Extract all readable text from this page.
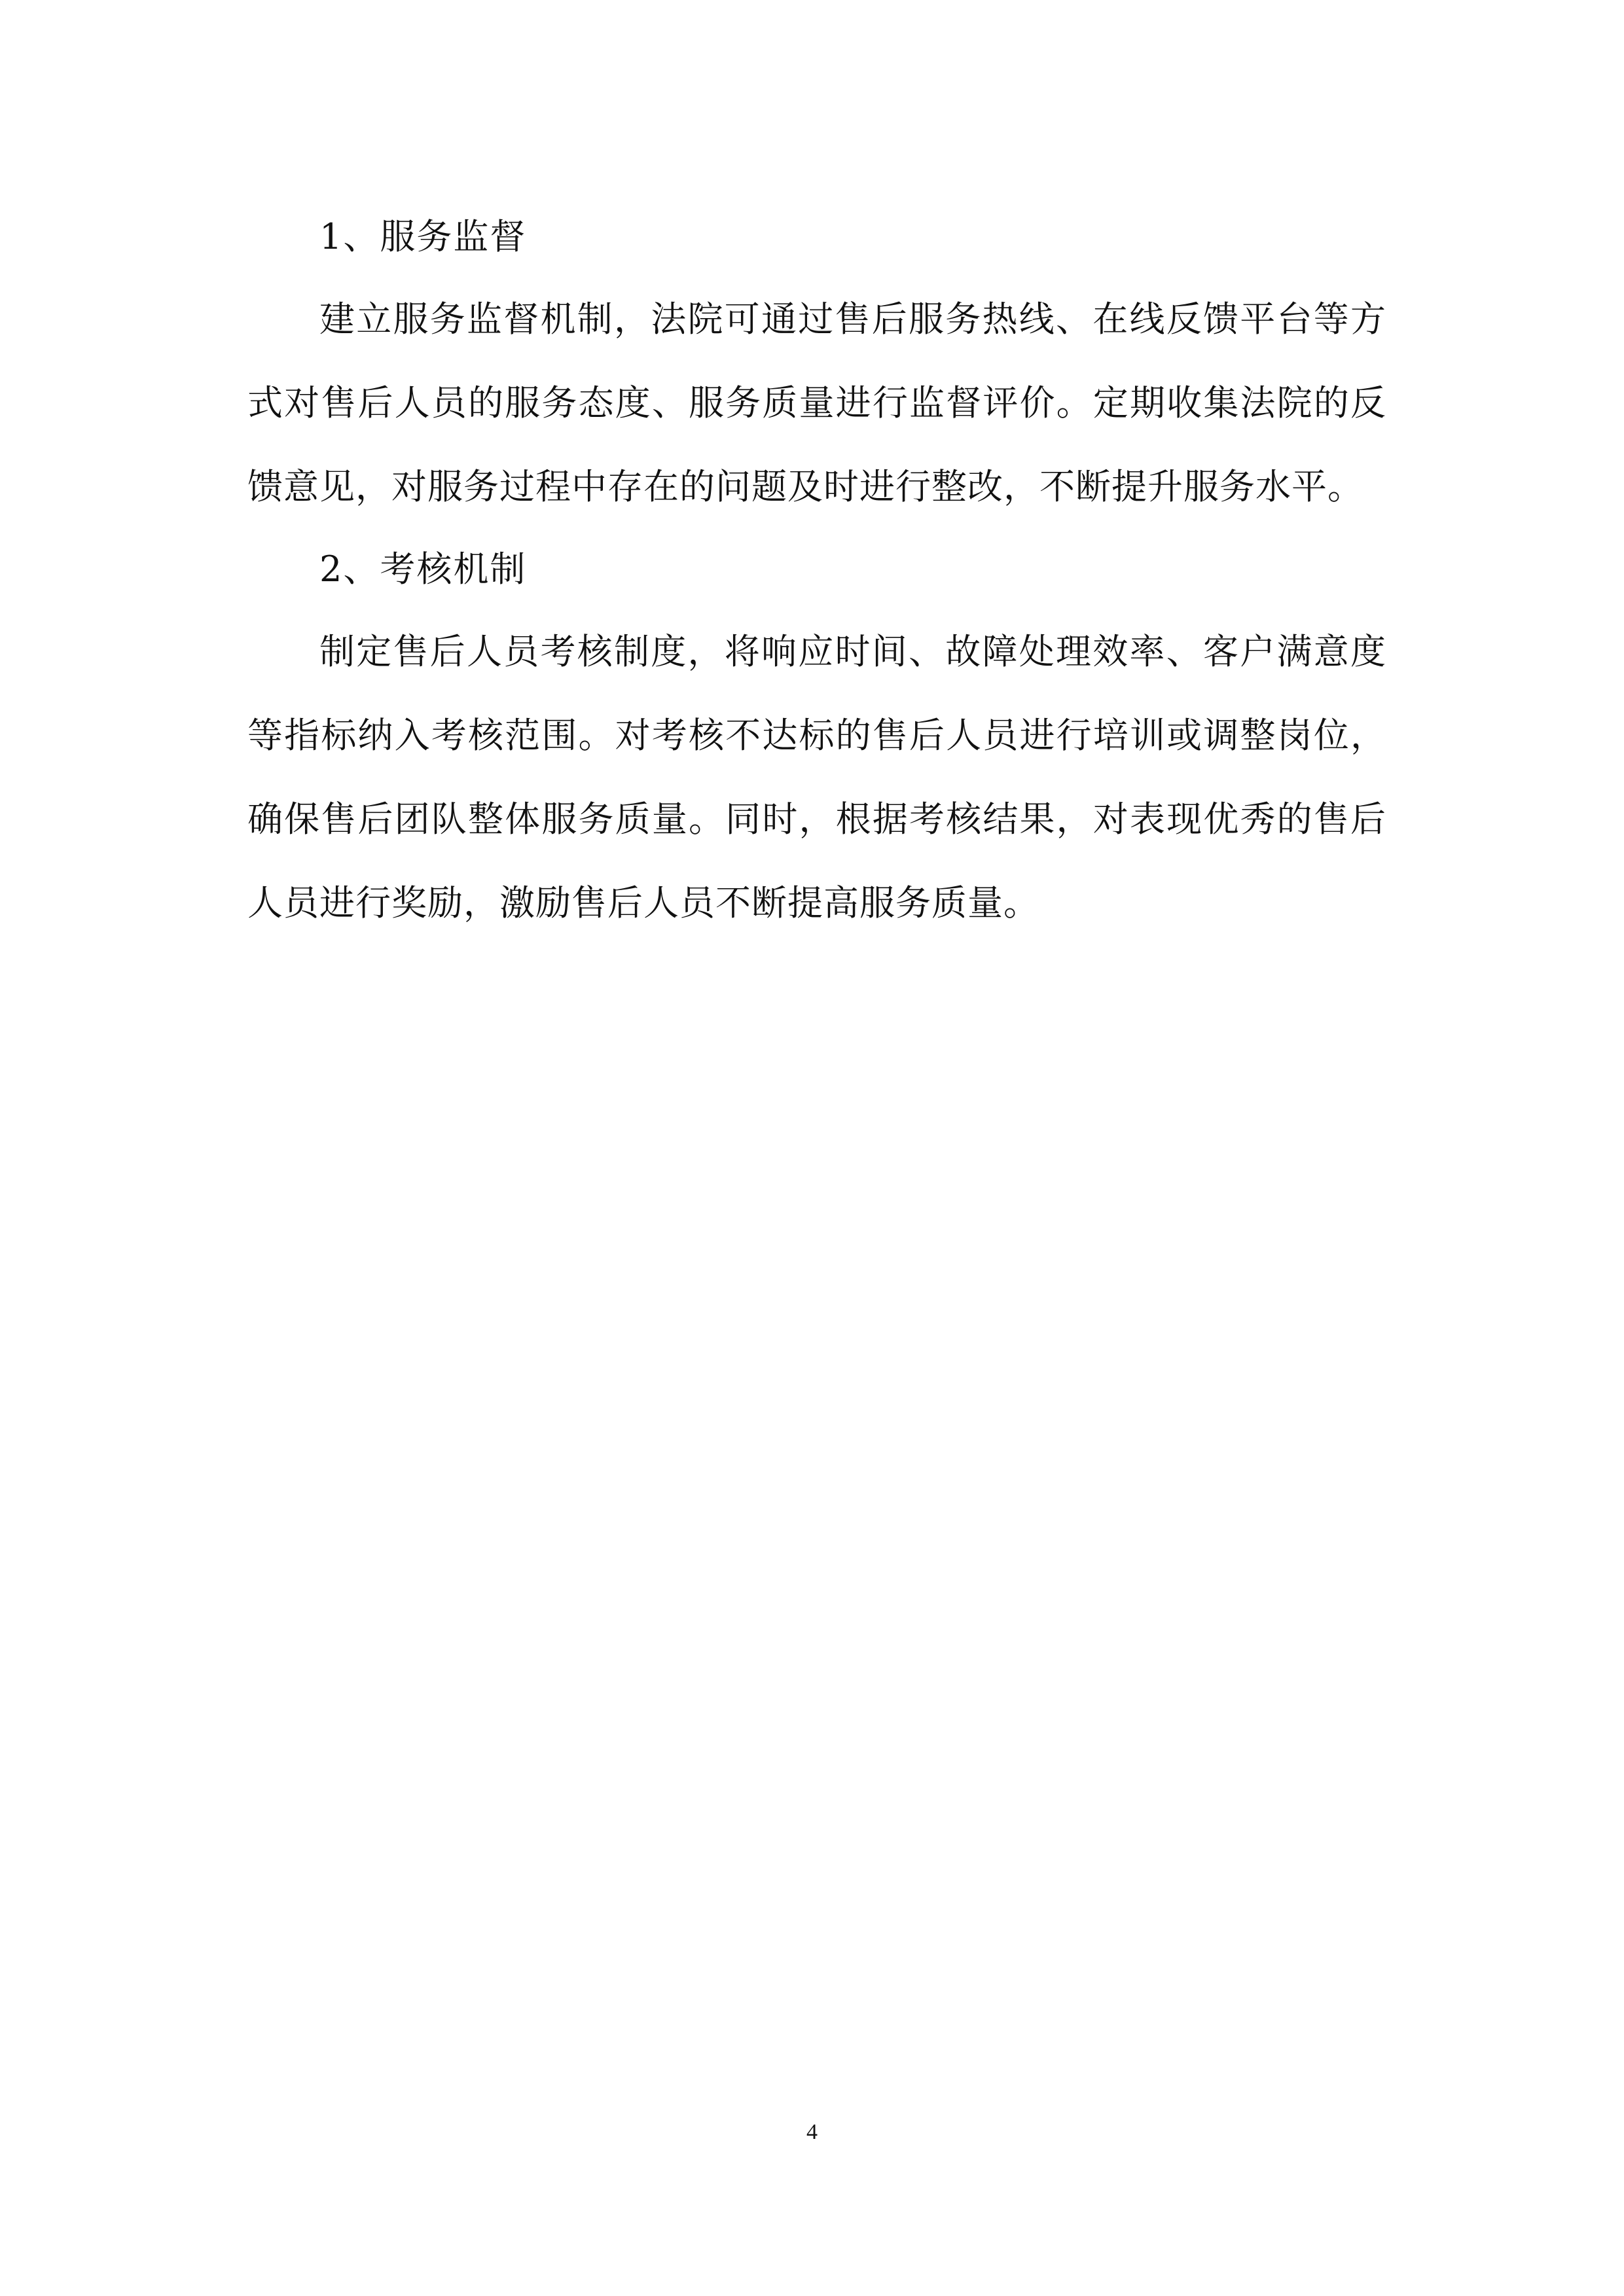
1、服务监督

建立服务监督机制，法院可通过售后服务热线、在线反馈平台等方式对售后人员的服务态度、服务质量进行监督评价。定期收集法院的反馈意见，对服务过程中存在的问题及时进行整改，不断提升服务水平。

2、考核机制

制定售后人员考核制度，将响应时间、故障处理效率、客户满意度等指标纳入考核范围。对考核不达标的售后人员进行培训或调整岗位，确保售后团队整体服务质量。同时，根据考核结果，对表现优秀的售后人员进行奖励，激励售后人员不断提高服务质量。

4
